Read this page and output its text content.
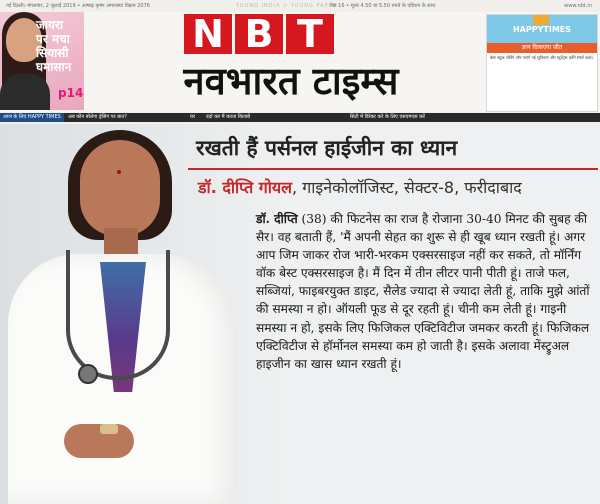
नई दिल्ली। मंगलवार, 2 जुलाई 2019 • आषाढ़ कृष्ण अमावस्या विक्रम 2076	YOUNG INDIA > YOUNG PAPER
पेज 16 • मूल्य 4.50 या 5.50 रुपये के एडिशन के साथ	www.nbt.in
जायरा
पर मचा
सियासी
घमासान
p14
N B T
नवभारत टाइम्स
HAPPYTIMES
ज्ञान दिलाएगा जीत
बेस्ट स्कूल जीतेंगे और पाएंगे नई सुविधाएं और स्टूडेंट्स करेंगे स्मार्ट बच्चे।
आज के लिए HAPPY TIMES	अब कौन बोलेगा ड्रेसिंग पर बात?	घर दर्दा कर मैं करता किताबें	सिटी में डिरेक्ट करे के लिए एसएमएस करें
रखती हैं पर्सनल हाईजीन का ध्यान
डॉ. दीप्ति गोयल, गाइनेकोलॉजिस्ट, सेक्टर-8, फरीदाबाद

डॉ. दीप्ति (38) की फिटनेस का राज है रोजाना 30-40 मिनट की सुबह की सैर। वह बताती हैं, 'मैं अपनी सेहत का शुरू से ही खूब ध्यान रखती हूं। अगर आप जिम जाकर रोज भारी-भरकम एक्सरसाइज नहीं कर सकते, तो मॉर्निंग वॉक बेस्ट एक्सरसाइज है। मैं दिन में तीन लीटर पानी पीती हूं। ताजे फल, सब्जियां, फाइबरयुक्त डाइट, सैलेड ज्यादा से ज्यादा लेती हूं, ताकि मुझे आंतों की समस्या न हो। ऑयली फूड से दूर रहती हूं। चीनी कम लेती हूं। गाइनी समस्या न हो, इसके लिए फिजिकल एक्टिविटीज जमकर करती हूं। फिजिकल एक्टिविटीज से हॉर्मोनल समस्या कम हो जाती है। इसके अलावा मेंस्ट्रुअल हाइजीन का खास ध्यान रखती हूं।
